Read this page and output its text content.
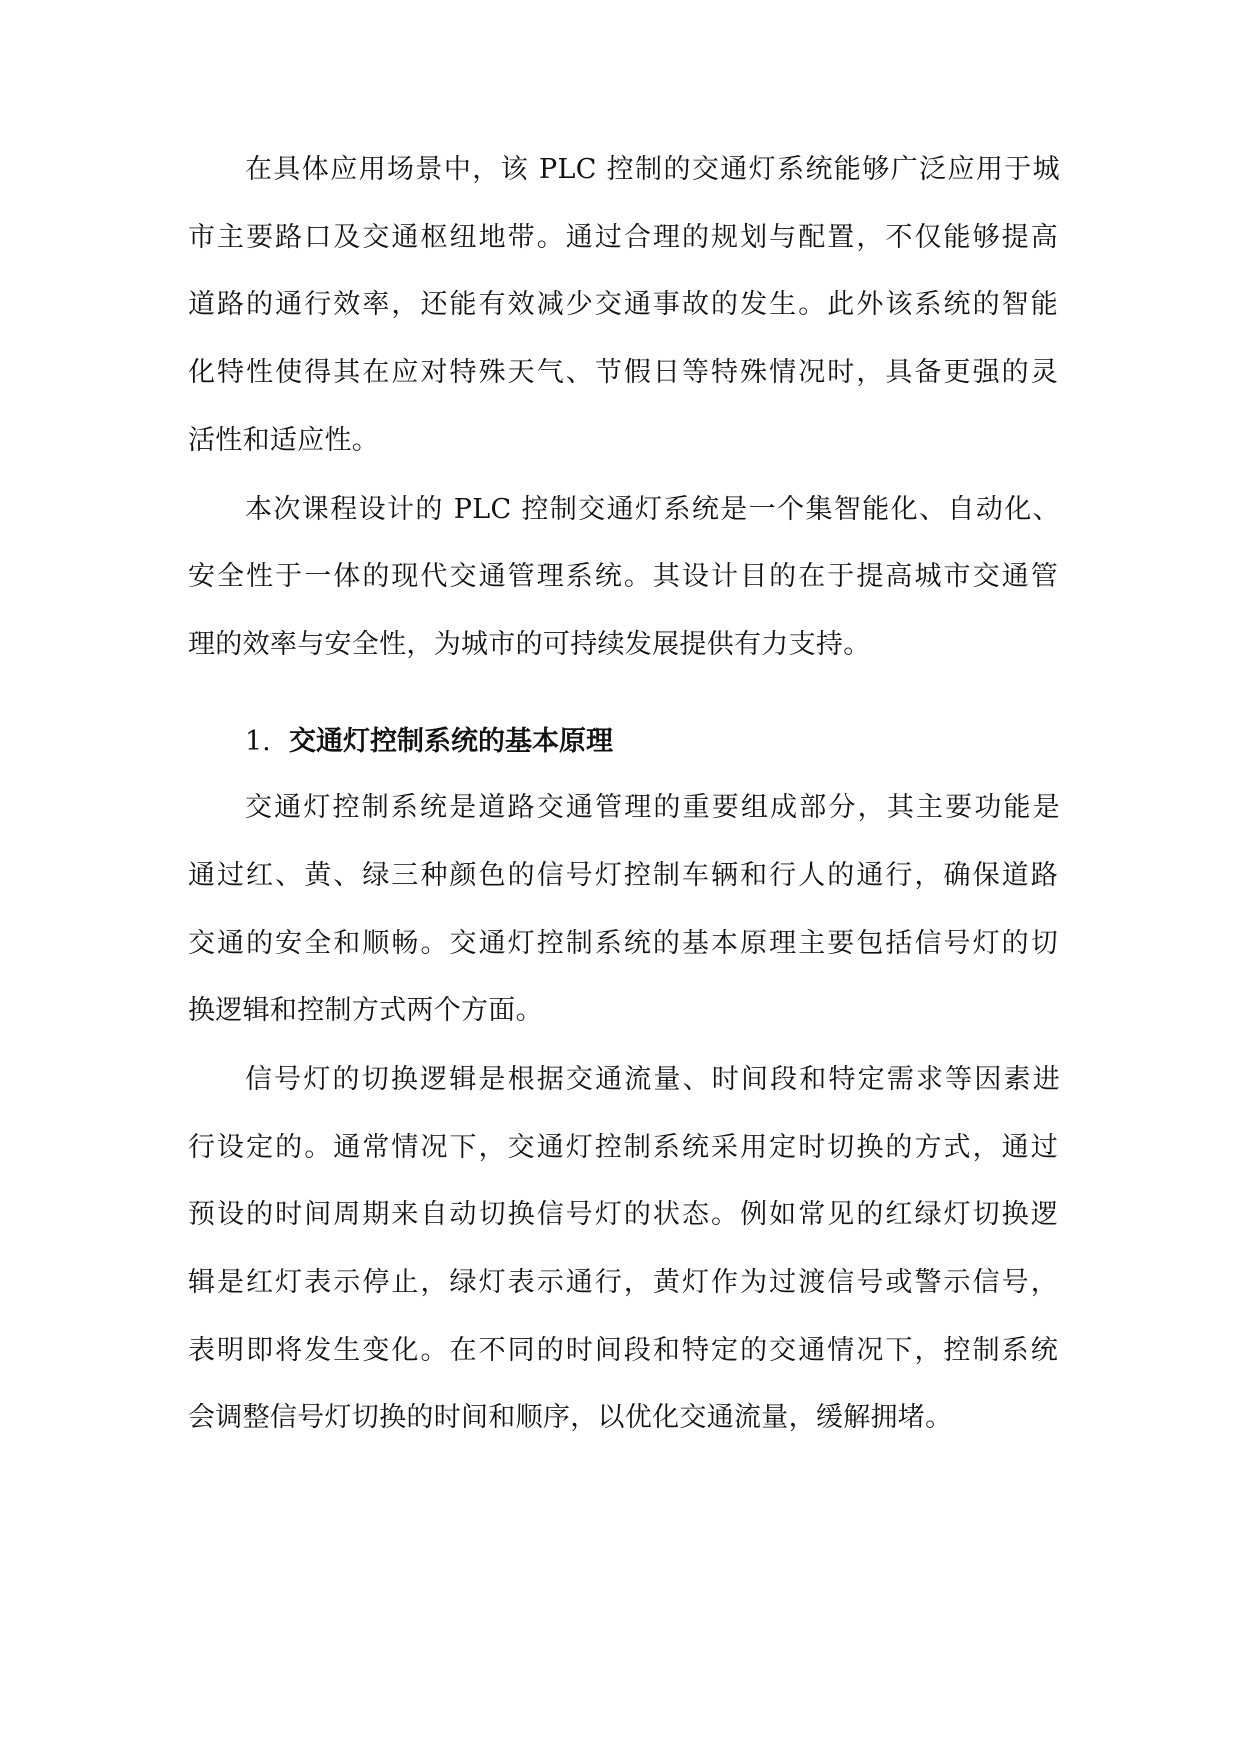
在具体应用场景中，该 PLC 控制的交通灯系统能够广泛应用于城
市主要路口及交通枢纽地带。通过合理的规划与配置，不仅能够提高
道路的通行效率，还能有效减少交通事故的发生。此外该系统的智能
化特性使得其在应对特殊天气、节假日等特殊情况时，具备更强的灵
活性和适应性。
本次课程设计的 PLC 控制交通灯系统是一个集智能化、自动化、
安全性于一体的现代交通管理系统。其设计目的在于提高城市交通管
理的效率与安全性，为城市的可持续发展提供有力支持。
1. 交通灯控制系统的基本原理
交通灯控制系统是道路交通管理的重要组成部分，其主要功能是
通过红、黄、绿三种颜色的信号灯控制车辆和行人的通行，确保道路
交通的安全和顺畅。交通灯控制系统的基本原理主要包括信号灯的切
换逻辑和控制方式两个方面。
信号灯的切换逻辑是根据交通流量、时间段和特定需求等因素进
行设定的。通常情况下，交通灯控制系统采用定时切换的方式，通过
预设的时间周期来自动切换信号灯的状态。例如常见的红绿灯切换逻
辑是红灯表示停止，绿灯表示通行，黄灯作为过渡信号或警示信号，
表明即将发生变化。在不同的时间段和特定的交通情况下，控制系统
会调整信号灯切换的时间和顺序，以优化交通流量，缓解拥堵。
